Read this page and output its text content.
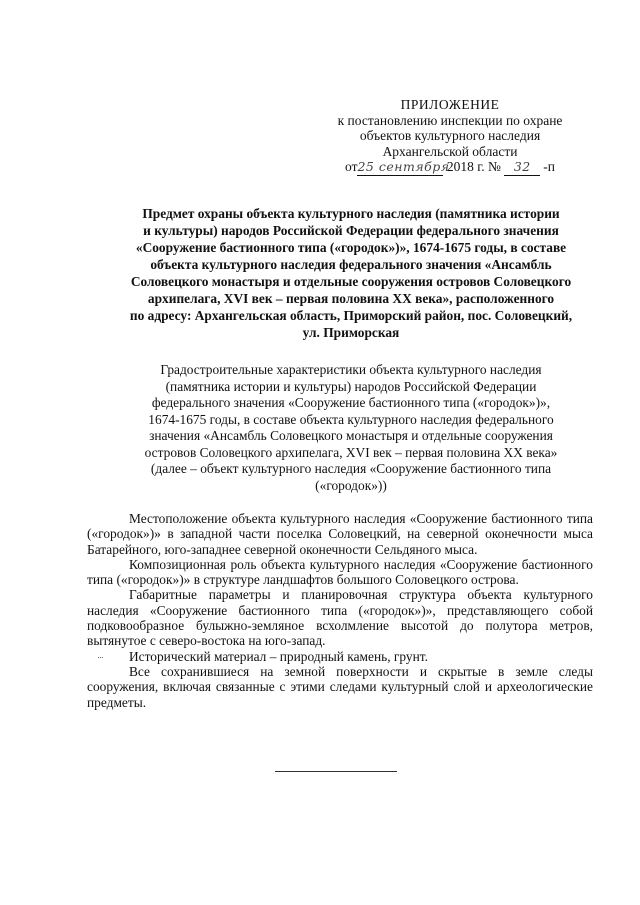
ПРИЛОЖЕНИЕ
к постановлению инспекции по охране
объектов культурного наследия
Архангельской области
от25 сентября 2018 г. № 32 -п
Предмет охраны объекта культурного наследия (памятника истории
и культуры) народов Российской Федерации федерального значения
«Сооружение бастионного типа («городок»)», 1674-1675 годы, в составе
объекта культурного наследия федерального значения «Ансамбль
Соловецкого монастыря и отдельные сооружения островов Соловецкого
архипелага, XVI век – первая половина XX века», расположенного
по адресу: Архангельская область, Приморский район, пос. Соловецкий,
ул. Приморская
Градостроительные характеристики объекта культурного наследия
(памятника истории и культуры) народов Российской Федерации
федерального значения «Сооружение бастионного типа («городок»)»,
1674-1675 годы, в составе объекта культурного наследия федерального
значения «Ансамбль Соловецкого монастыря и отдельные сооружения
островов Соловецкого архипелага, XVI век – первая половина XX века»
(далее – объект культурного наследия «Сооружение бастионного типа
(«городок»))

Местоположение объекта культурного наследия «Сооружение бастионного типа («городок»)» в западной части поселка Соловецкий, на северной оконечности мыса Батарейного, юго-западнее северной оконечности Сельдяного мыса.

Композиционная роль объекта культурного наследия «Сооружение бастионного типа («городок»)» в структуре ландшафтов большого Соловецкого острова.

Габаритные параметры и планировочная структура объекта культурного наследия «Сооружение бастионного типа («городок»)», представляющего собой подковообразное булыжно-земляное всхолмление высотой до полутора метров, вытянутое с северо-востока на юго-запад.

Исторический материал – природный камень, грунт.

Все сохранившиеся на земной поверхности и скрытые в земле следы сооружения, включая связанные с этими следами культурный слой и археологические предметы.
